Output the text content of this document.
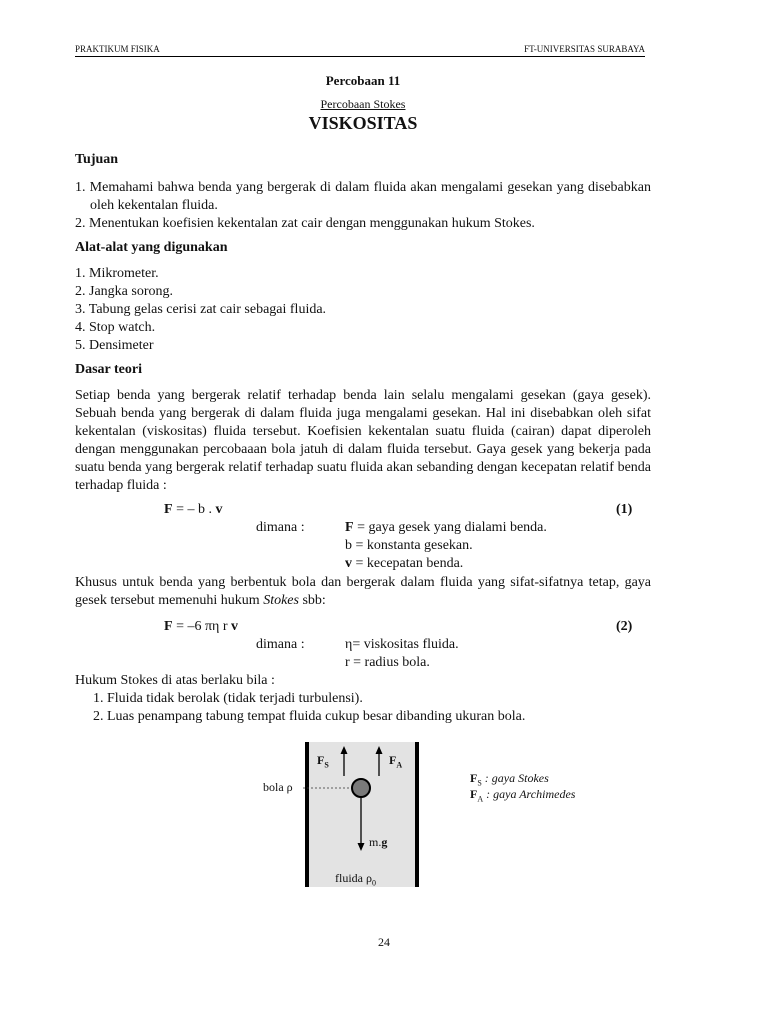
PRAKTIKUM FISIKA	FT-UNIVERSITAS SURABAYA
Percobaan 11
Percobaan Stokes
VISKOSITAS
Tujuan
1. Memahami bahwa benda yang bergerak di dalam fluida akan mengalami gesekan yang disebabkan oleh kekentalan fluida.
2. Menentukan koefisien kekentalan zat cair dengan menggunakan hukum Stokes.
Alat-alat yang digunakan
1. Mikrometer.
2. Jangka sorong.
3. Tabung gelas cerisi zat cair sebagai fluida.
4. Stop watch.
5. Densimeter
Dasar teori
Setiap benda yang bergerak relatif terhadap benda lain selalu mengalami gesekan (gaya gesek). Sebuah benda yang bergerak di dalam fluida juga mengalami gesekan. Hal ini disebabkan oleh sifat kekentalan (viskositas) fluida tersebut. Koefisien kekentalan suatu fluida (cairan) dapat diperoleh dengan menggunakan percobaaan bola jatuh di dalam fluida tersebut. Gaya gesek yang bekerja pada suatu benda yang bergerak relatif terhadap suatu fluida akan sebanding dengan kecepatan relatif benda terhadap fluida :
F = – b . v	(1)
dimana :	F = gaya gesek yang dialami benda.
b = konstanta gesekan.
v = kecepatan benda.
Khusus untuk benda yang berbentuk bola dan bergerak dalam fluida yang sifat-sifatnya tetap, gaya gesek tersebut memenuhi hukum Stokes sbb:
F = –6 πη r v	(2)
dimana :	η= viskositas fluida.
r = radius bola.
Hukum Stokes di atas berlaku bila :
1. Fluida tidak berolak (tidak terjadi turbulensi).
2. Luas penampang tabung tempat fluida cukup besar dibanding ukuran bola.
$F_S$	$F_A$
bola ρ
m.g
fluida $\rho_0$
$F_S$ : gaya Stokes
$F_A$ : gaya Archimedes
24
